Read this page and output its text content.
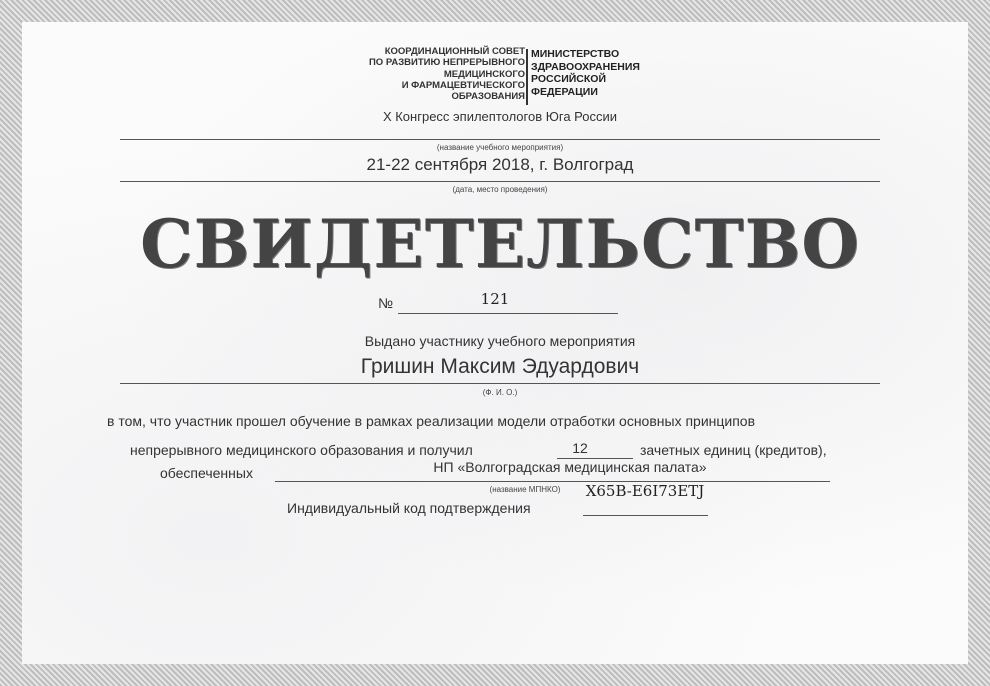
КООРДИНАЦИОННЫЙ СОВЕТ
ПО РАЗВИТИЮ НЕПРЕРЫВНОГО
МЕДИЦИНСКОГО
И ФАРМАЦЕВТИЧЕСКОГО
ОБРАЗОВАНИЯ
МИНИСТЕРСТВО
ЗДРАВООХРАНЕНИЯ
РОССИЙСКОЙ
ФЕДЕРАЦИИ
X Конгресс эпилептологов Юга России
(название учебного мероприятия)
21-22 сентября 2018, г. Волгоград
(дата, место проведения)
СВИДЕТЕЛЬСТВО
№	121
Выдано участнику учебного мероприятия
Гришин Максим Эдуардович
(Ф. И. О.)
в том, что участник прошел обучение в рамках реализации модели отработки основных принципов
непрерывного медицинского образования и получил	12	зачетных единиц (кредитов),
обеспеченных	НП «Волгоградская медицинская палата»
(название МПНКО)
Индивидуальный код подтверждения
X65B-E6I73ETJ
